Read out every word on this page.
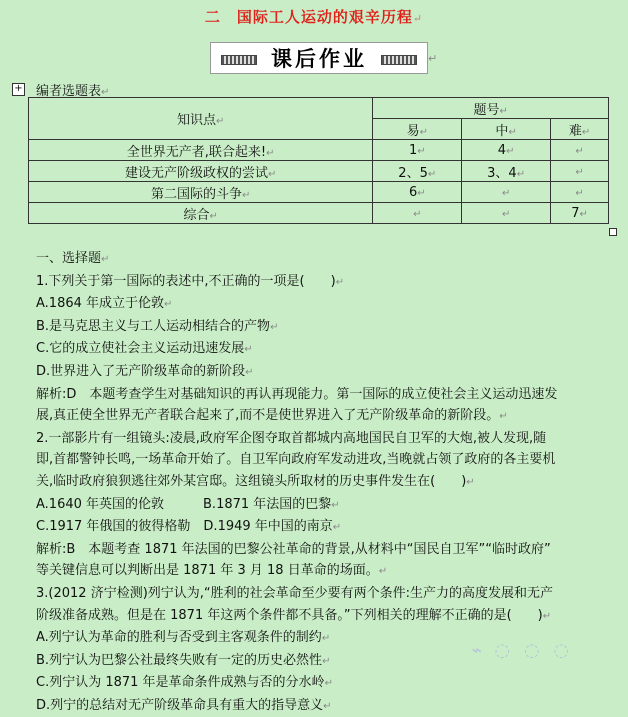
二　国际工人运动的艰辛历程↵
课后作业	↵
+ 编者选题表↵
知识点↵	题号↵		
	易↵	中↵	难↵
全世界无产者,联合起来!↵	1↵	4↵	↵
建设无产阶级政权的尝试↵	2、5↵	3、4↵	↵
第二国际的斗争↵	6↵	↵	↵
综合↵	↵	↵	7↵

一、选择题↵

1.下列关于第一国际的表述中,不正确的一项是(　　)↵

A.1864 年成立于伦敦↵

B.是马克思主义与工人运动相结合的产物↵

C.它的成立使社会主义运动迅速发展↵

D.世界进入了无产阶级革命的新阶段↵

解析:D　本题考查学生对基础知识的再认再现能力。第一国际的成立使社会主义运动迅速发

展,真正使全世界无产者联合起来了,而不是使世界进入了无产阶级革命的新阶段。↵

2.一部影片有一组镜头:凌晨,政府军企图夺取首都城内高地国民自卫军的大炮,被人发现,随

即,首都警钟长鸣,一场革命开始了。自卫军向政府军发动进攻,当晚就占领了政府的各主要机

关,临时政府狼狈逃往郊外某宫邸。这组镜头所取材的历史事件发生在(　　)↵

A.1640 年英国的伦敦　　　B.1871 年法国的巴黎↵

C.1917 年俄国的彼得格勒　D.1949 年中国的南京↵

解析:B　本题考查 1871 年法国的巴黎公社革命的背景,从材料中“国民自卫军”“临时政府”

等关键信息可以判断出是 1871 年 3 月 18 日革命的场面。↵

3.(2012 济宁检测)列宁认为,“胜利的社会革命至少要有两个条件:生产力的高度发展和无产

阶级准备成熟。但是在 1871 年这两个条件都不具备。”下列相关的理解不正确的是(　　)↵

A.列宁认为革命的胜利与否受到主客观条件的制约↵

B.列宁认为巴黎公社最终失败有一定的历史必然性↵

C.列宁认为 1871 年是革命条件成熟与否的分水岭↵

D.列宁的总结对无产阶级革命具有重大的指导意义↵

⌁ ◌ ◌ ◌
